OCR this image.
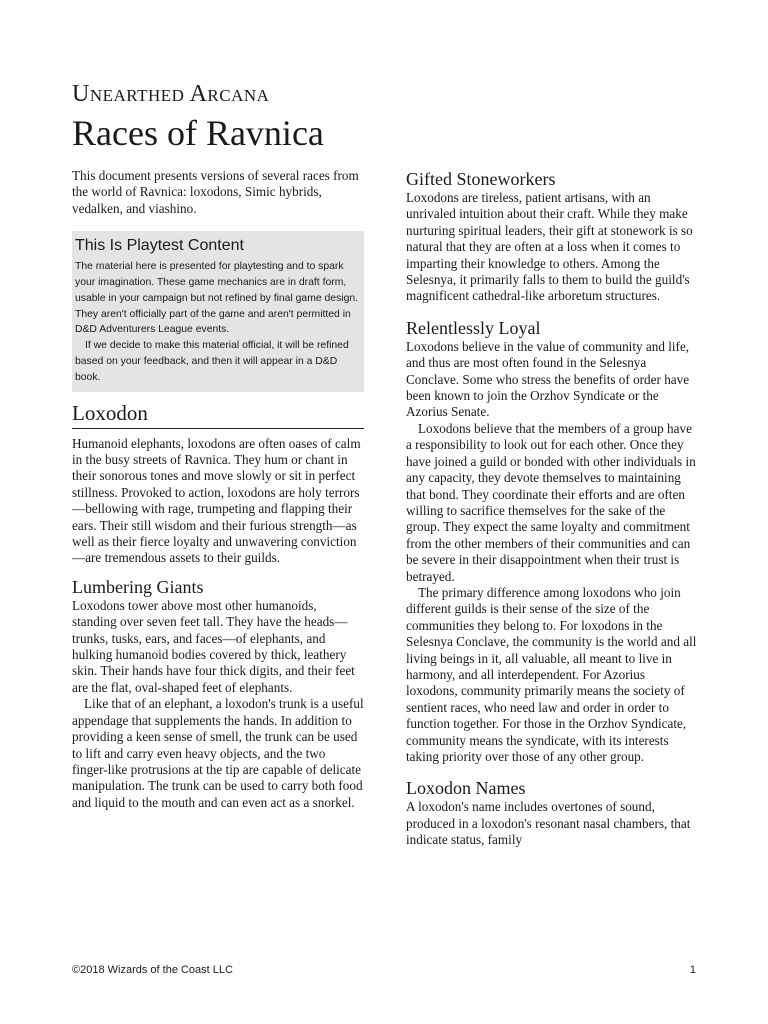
Unearthed Arcana
Races of Ravnica

This document presents versions of several races from the world of Ravnica: loxodons, Simic hybrids, vedalken, and viashino.

This Is Playtest Content

The material here is presented for playtesting and to spark your imagination. These game mechanics are in draft form, usable in your campaign but not refined by final game design. They aren't officially part of the game and aren't permitted in D&D Adventurers League events.

If we decide to make this material official, it will be refined based on your feedback, and then it will appear in a D&D book.

Loxodon

Humanoid elephants, loxodons are often oases of calm in the busy streets of Ravnica. They hum or chant in their sonorous tones and move slowly or sit in perfect stillness. Provoked to action, loxodons are holy terrors—bellowing with rage, trumpeting and flapping their ears. Their still wisdom and their furious strength—as well as their fierce loyalty and unwavering conviction—are tremendous assets to their guilds.

Lumbering Giants

Loxodons tower above most other humanoids, standing over seven feet tall. They have the heads—trunks, tusks, ears, and faces—of elephants, and hulking humanoid bodies covered by thick, leathery skin. Their hands have four thick digits, and their feet are the flat, oval-shaped feet of elephants.

Like that of an elephant, a loxodon's trunk is a useful appendage that supplements the hands. In addition to providing a keen sense of smell, the trunk can be used to lift and carry even heavy objects, and the two finger-like protrusions at the tip are capable of delicate manipulation. The trunk can be used to carry both food and liquid to the mouth and can even act as a snorkel.

Gifted Stoneworkers

Loxodons are tireless, patient artisans, with an unrivaled intuition about their craft. While they make nurturing spiritual leaders, their gift at stonework is so natural that they are often at a loss when it comes to imparting their knowledge to others. Among the Selesnya, it primarily falls to them to build the guild's magnificent cathedral-like arboretum structures.

Relentlessly Loyal

Loxodons believe in the value of community and life, and thus are most often found in the Selesnya Conclave. Some who stress the benefits of order have been known to join the Orzhov Syndicate or the Azorius Senate.

Loxodons believe that the members of a group have a responsibility to look out for each other. Once they have joined a guild or bonded with other individuals in any capacity, they devote themselves to maintaining that bond. They coordinate their efforts and are often willing to sacrifice themselves for the sake of the group. They expect the same loyalty and commitment from the other members of their communities and can be severe in their disappointment when their trust is betrayed.

The primary difference among loxodons who join different guilds is their sense of the size of the communities they belong to. For loxodons in the Selesnya Conclave, the community is the world and all living beings in it, all valuable, all meant to live in harmony, and all interdependent. For Azorius loxodons, community primarily means the society of sentient races, who need law and order in order to function together. For those in the Orzhov Syndicate, community means the syndicate, with its interests taking priority over those of any other group.

Loxodon Names

A loxodon's name includes overtones of sound, produced in a loxodon's resonant nasal chambers, that indicate status, family

©2018 Wizards of the Coast LLC	1
